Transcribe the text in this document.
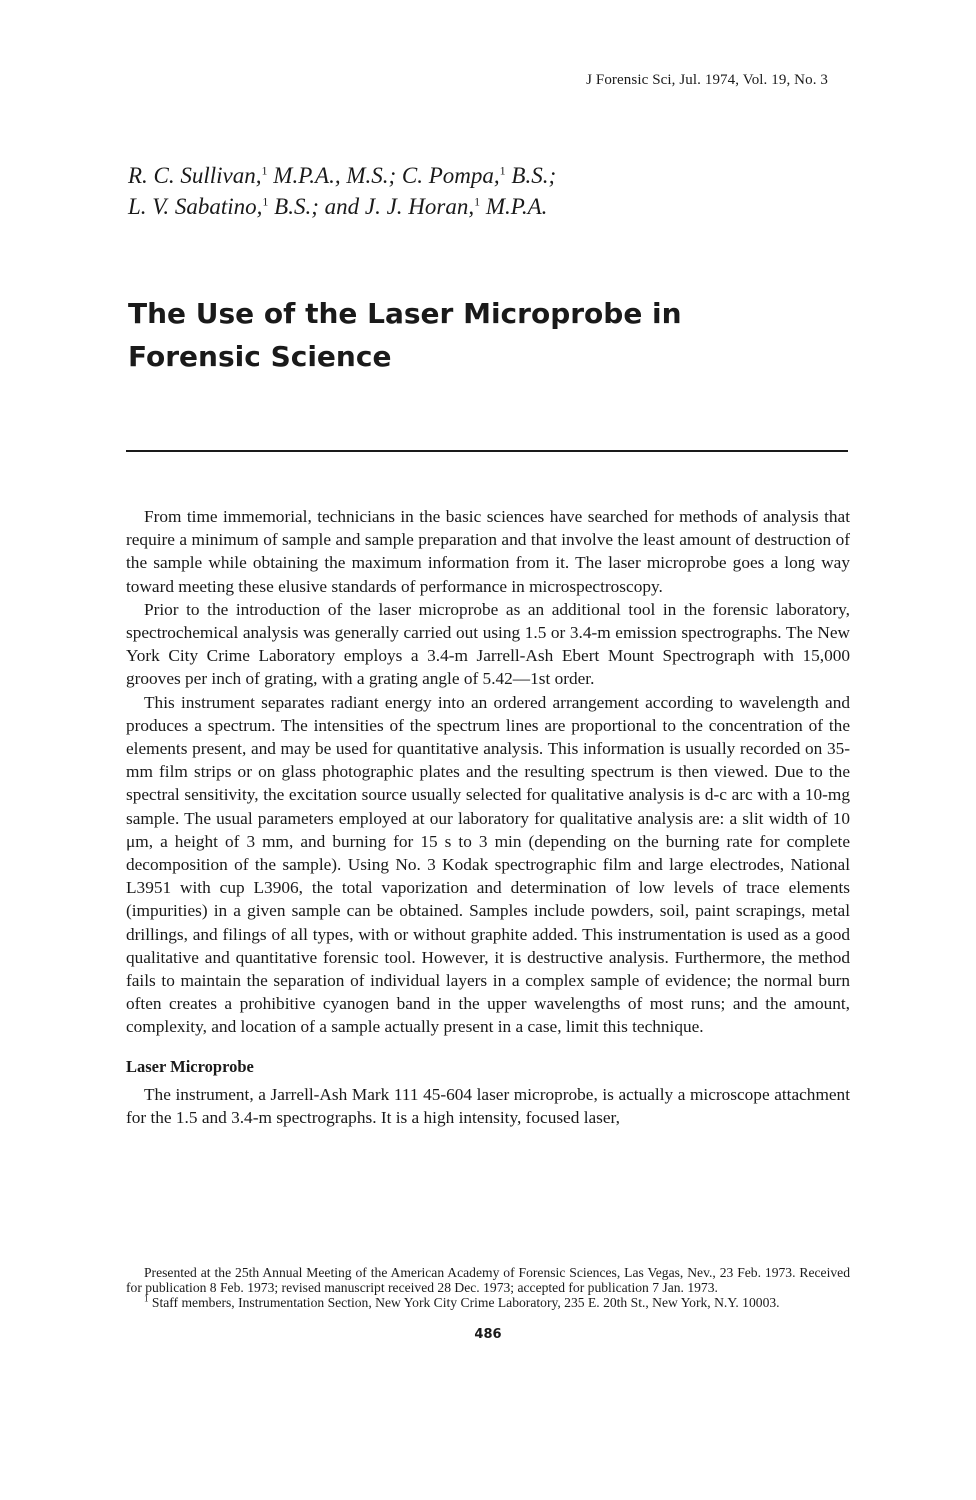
J Forensic Sci, Jul. 1974, Vol. 19, No. 3
R. C. Sullivan,$^1$ M.P.A., M.S.; C. Pompa,$^1$ B.S.;
L. V. Sabatino,$^1$ B.S.; and J. J. Horan,$^1$ M.P.A.
The Use of the Laser Microprobe in
Forensic Science

From time immemorial, technicians in the basic sciences have searched for methods of analysis that require a minimum of sample and sample preparation and that involve the least amount of destruction of the sample while obtaining the maximum information from it. The laser microprobe goes a long way toward meeting these elusive standards of performance in microspectroscopy.

Prior to the introduction of the laser microprobe as an additional tool in the forensic laboratory, spectrochemical analysis was generally carried out using 1.5 or 3.4-m emission spectrographs. The New York City Crime Laboratory employs a 3.4-m Jarrell-Ash Ebert Mount Spectrograph with 15,000 grooves per inch of grating, with a grating angle of 5.42—1st order.

This instrument separates radiant energy into an ordered arrangement according to wavelength and produces a spectrum. The intensities of the spectrum lines are proportional to the concentration of the elements present, and may be used for quantitative analysis. This information is usually recorded on 35-mm film strips or on glass photographic plates and the resulting spectrum is then viewed. Due to the spectral sensitivity, the excitation source usually selected for qualitative analysis is d-c arc with a 10-mg sample. The usual parameters employed at our laboratory for qualitative analysis are: a slit width of 10 μm, a height of 3 mm, and burning for 15 s to 3 min (depending on the burning rate for complete decomposition of the sample). Using No. 3 Kodak spectrographic film and large electrodes, National L3951 with cup L3906, the total vaporization and determination of low levels of trace elements (impurities) in a given sample can be obtained. Samples include powders, soil, paint scrapings, metal drillings, and filings of all types, with or without graphite added. This instrumentation is used as a good qualitative and quantitative forensic tool. However, it is destructive analysis. Furthermore, the method fails to maintain the separation of individual layers in a complex sample of evidence; the normal burn often creates a prohibitive cyanogen band in the upper wavelengths of most runs; and the amount, complexity, and location of a sample actually present in a case, limit this technique.

Laser Microprobe

The instrument, a Jarrell-Ash Mark 111 45-604 laser microprobe, is actually a microscope attachment for the 1.5 and 3.4-m spectrographs. It is a high intensity, focused laser,

Presented at the 25th Annual Meeting of the American Academy of Forensic Sciences, Las Vegas, Nev., 23 Feb. 1973. Received for publication 8 Feb. 1973; revised manuscript received 28 Dec. 1973; accepted for publication 7 Jan. 1973.

$^1$ Staff members, Instrumentation Section, New York City Crime Laboratory, 235 E. 20th St., New York, N.Y. 10003.

486
